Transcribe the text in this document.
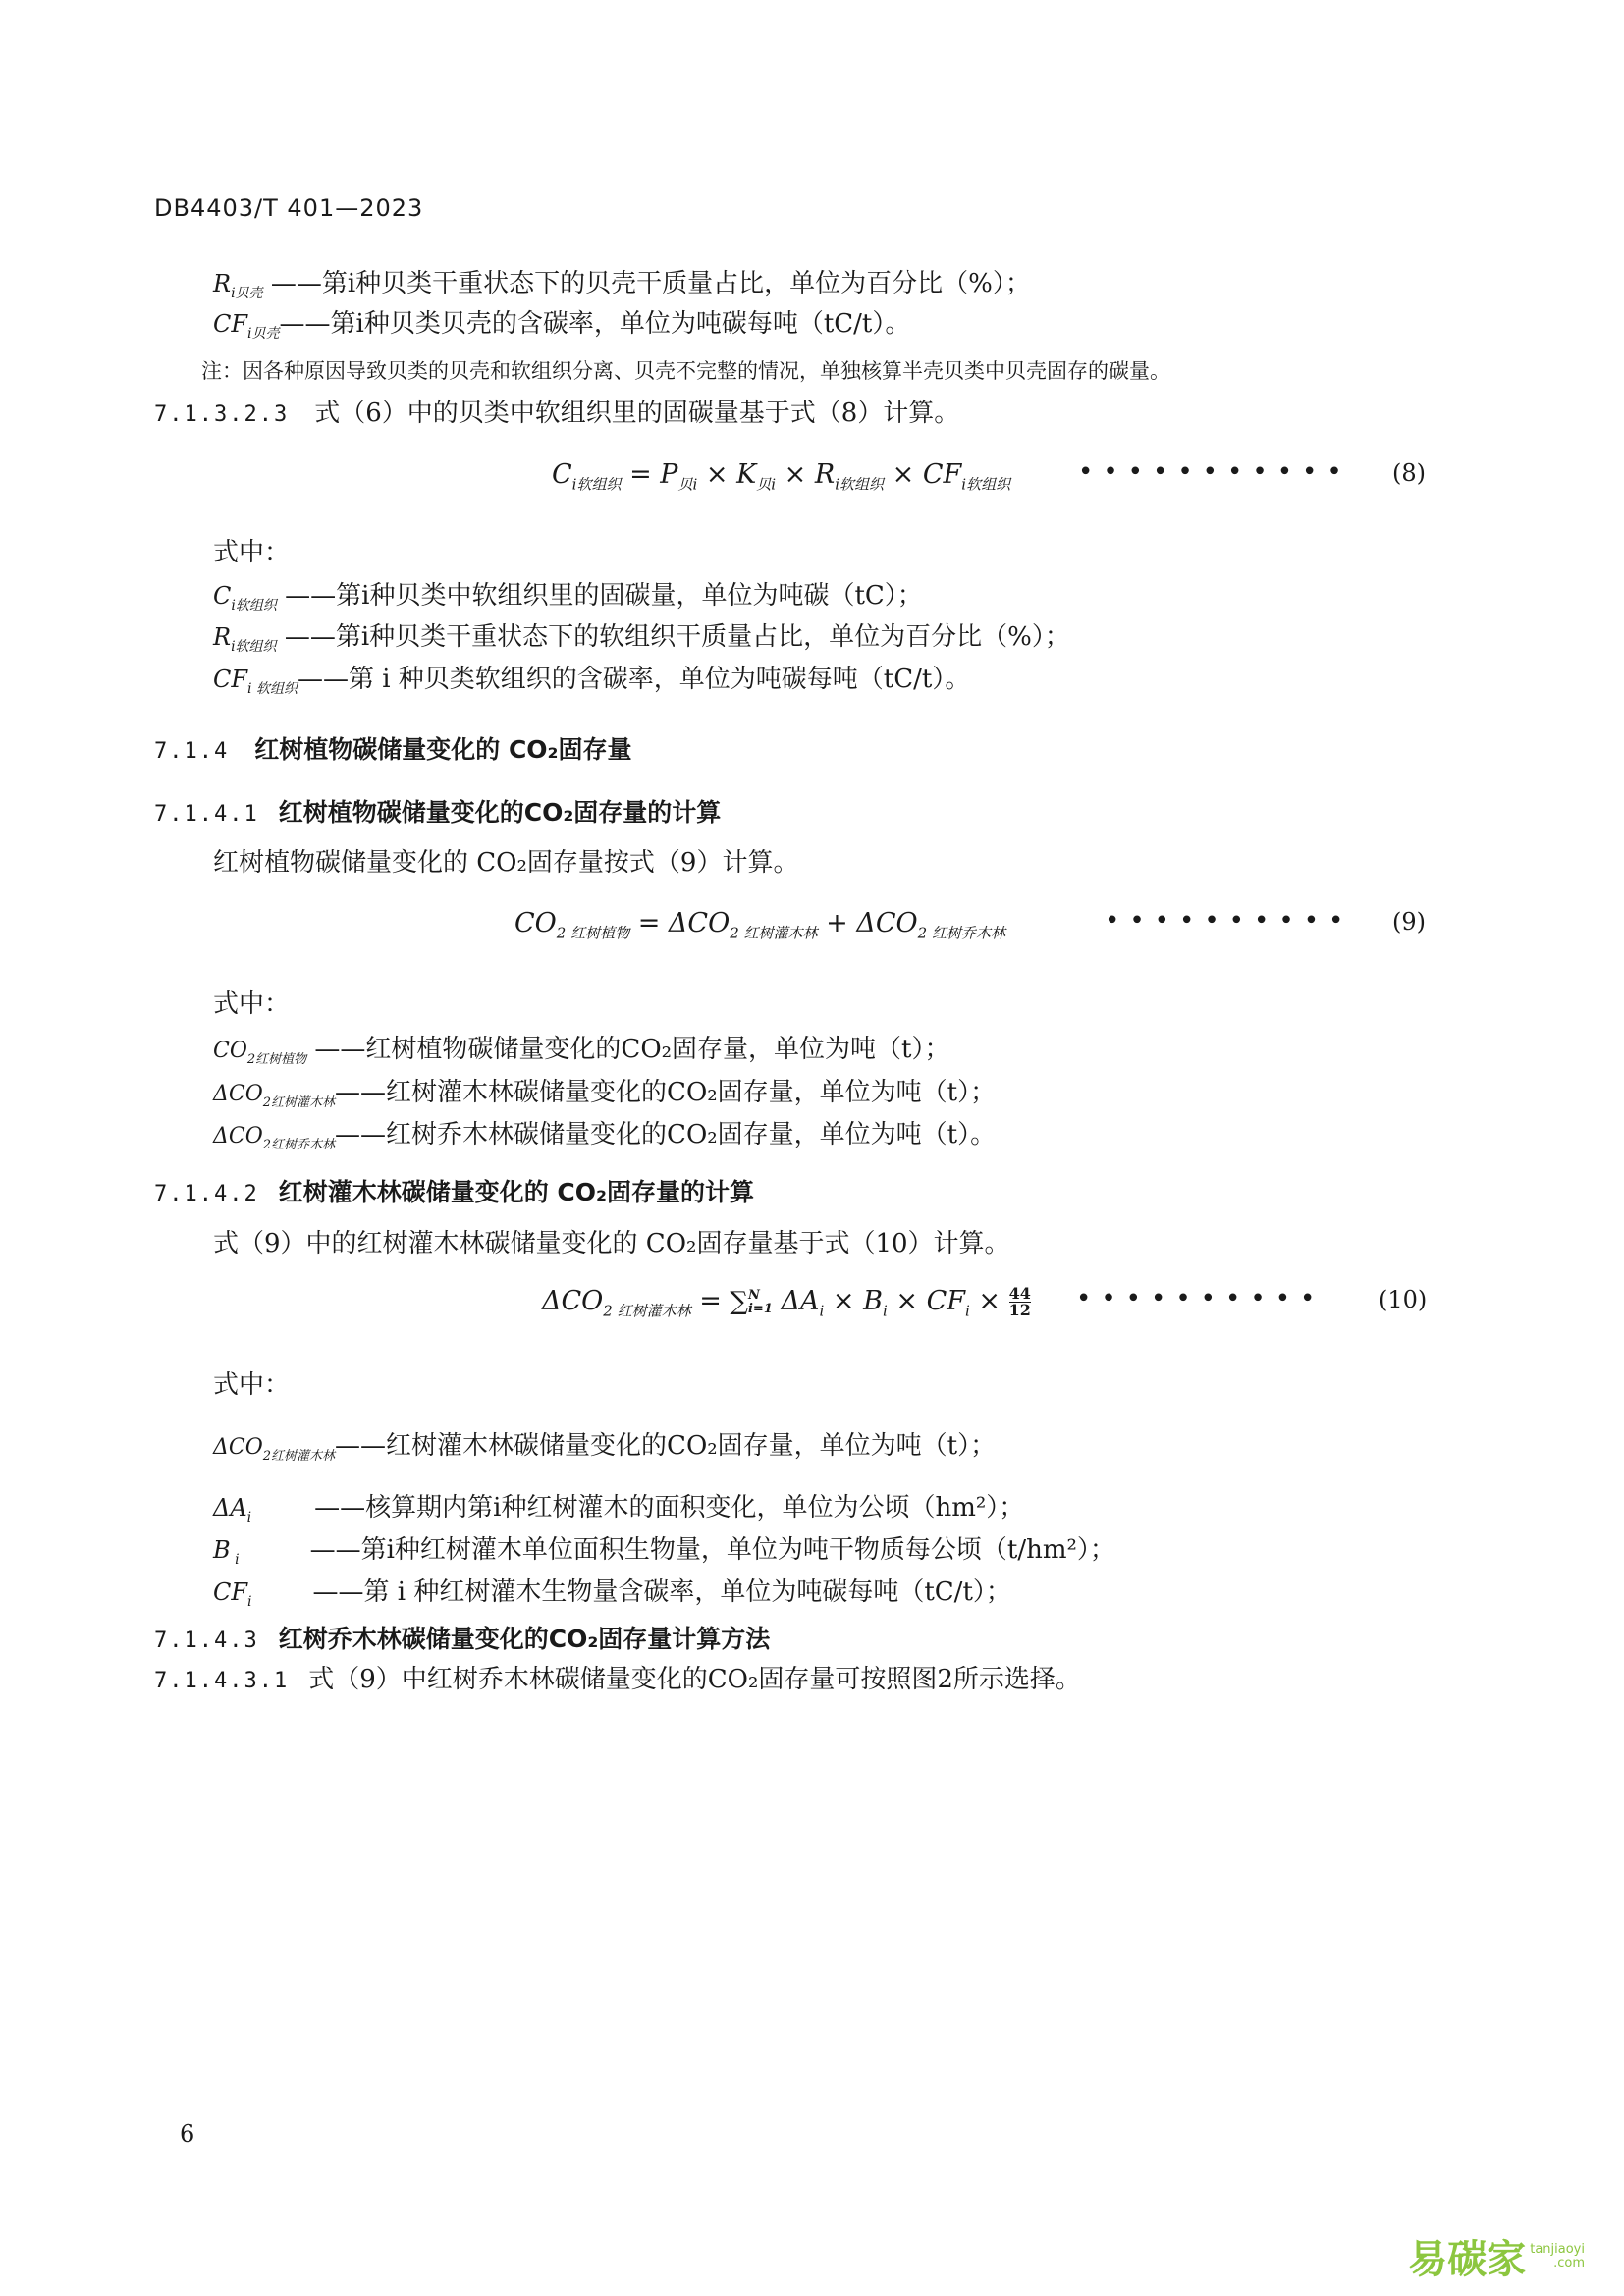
DB4403/T 401—2023
$R_{i贝壳}$ ——第i种贝类干重状态下的贝壳干质量占比，单位为百分比（%）；
$CF_{i贝壳}——$第i种贝类贝壳的含碳率，单位为吨碳每吨（tC/t）。
注：因各种原因导致贝类的贝壳和软组织分离、贝壳不完整的情况，单独核算半壳贝类中贝壳固存的碳量。
7.1.3.2.3 式（6）中的贝类中软组织里的固碳量基于式（8）计算。
$C_{i软组织} = P_{贝i} \times K_{贝i} \times R_{i软组织} \times CF_{i软组织}$	••••••••••• (8)
式中：
$C_{i软组织}$ ——第i种贝类中软组织里的固碳量，单位为吨碳（tC）；
$R_{i软组织}$ ——第i种贝类干重状态下的软组织干质量占比，单位为百分比（%）；
$CF_{i 软组织}——$第 i 种贝类软组织的含碳率，单位为吨碳每吨（tC/t）。
7.1.4 红树植物碳储量变化的 CO₂固存量
7.1.4.1 红树植物碳储量变化的CO₂固存量的计算
红树植物碳储量变化的 CO₂固存量按式（9）计算。
$CO_{2 红树植物} = \Delta CO_{2 红树灌木林} + \Delta CO_{2 红树乔木林}$	•••••••••• (9)
式中：
$CO_{2红树植物}$ ——红树植物碳储量变化的CO₂固存量，单位为吨（t）；
$\Delta CO_{2红树灌木林}——$红树灌木林碳储量变化的CO₂固存量，单位为吨（t）；
$\Delta CO_{2红树乔木林}——$红树乔木林碳储量变化的CO₂固存量，单位为吨（t）。
7.1.4.2 红树灌木林碳储量变化的 CO₂固存量的计算
式（9）中的红树灌木林碳储量变化的 CO₂固存量基于式（10）计算。
$\Delta CO_{2 红树灌木林}$ = ∑ N
i=1 $\Delta A_i \times B_i \times CF_i \times \frac{44}{12}$ •••••••••• (10)
式中：
$\Delta CO_{2红树灌木林}——$红树灌木林碳储量变化的CO₂固存量，单位为吨（t）；
$\Delta A_i$ ——核算期内第i种红树灌木的面积变化，单位为公顷（hm²）；
B $_i$	——第i种红树灌木单位面积生物量，单位为吨干物质每公顷（t/hm²）；
$CF_i$ ——第 i 种红树灌木生物量含碳率，单位为吨碳每吨（tC/t）；
7.1.4.3 红树乔木林碳储量变化的CO₂固存量计算方法
7.1.4.3.1 式（9）中红树乔木林碳储量变化的CO₂固存量可按照图2所示选择。
6
易碳家 tanjiaoyi
.com
